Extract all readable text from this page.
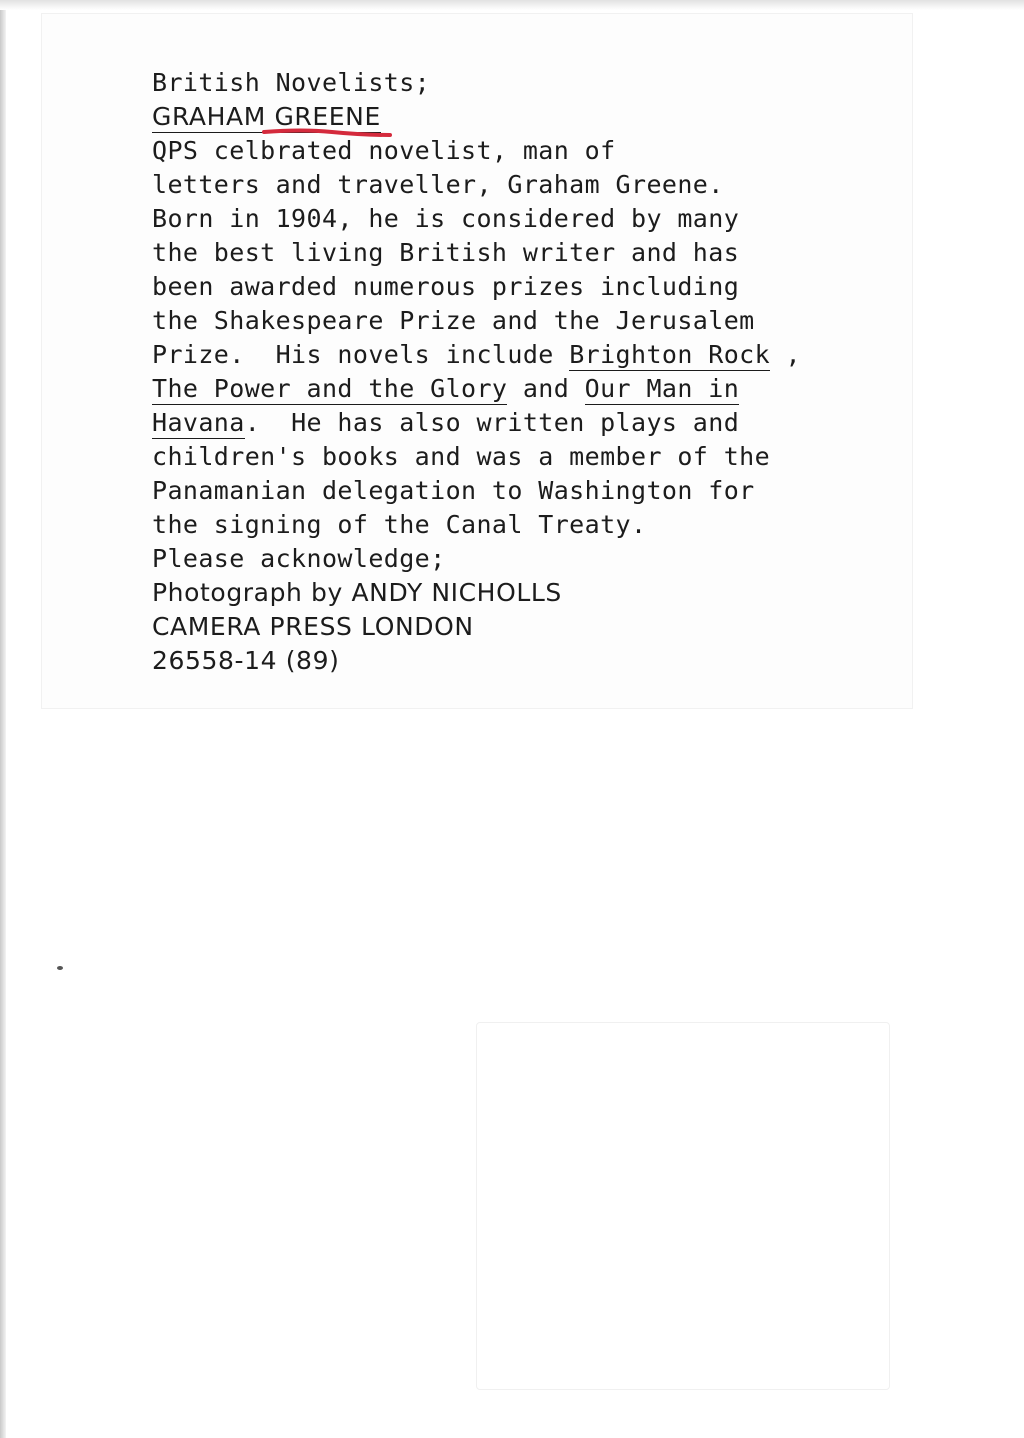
British Novelists;
GRAHAM GREENE
QPS celbrated novelist, man of
letters and traveller, Graham Greene.
Born in 1904, he is considered by many
the best living British writer and has
been awarded numerous prizes including
the Shakespeare Prize and the Jerusalem
Prize.  His novels include Brighton Rock ,
The Power and the Glory and Our Man in
Havana.  He has also written plays and
children's books and was a member of the
Panamanian delegation to Washington for
the signing of the Canal Treaty.
Please acknowledge;
Photograph by ANDY NICHOLLS
CAMERA PRESS LONDON
26558-14 (89)
